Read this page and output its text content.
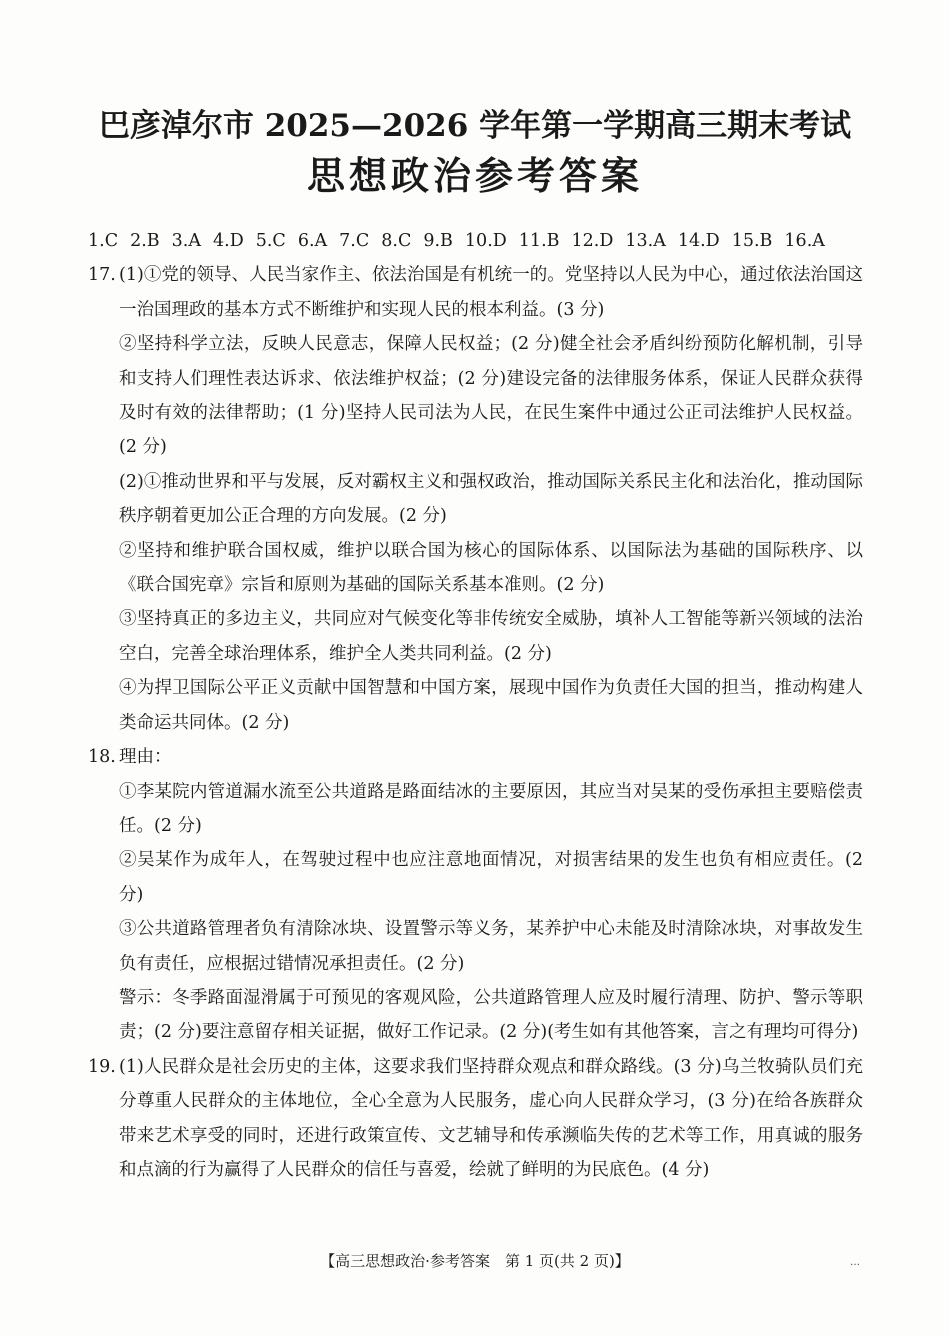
巴彦淖尔市 2025—2026 学年第一学期高三期末考试
思想政治参考答案
1.C 2.B 3.A 4.D 5.C 6.A 7.C 8.C 9.B 10.D 11.B 12.D 13.A 14.D 15.B 16.A
17. (1)①党的领导、人民当家作主、依法治国是有机统一的。党坚持以人民为中心，通过依法治国这一治国理政的基本方式不断维护和实现人民的根本利益。(3 分)

②坚持科学立法，反映人民意志，保障人民权益；(2 分)健全社会矛盾纠纷预防化解机制，引导和支持人们理性表达诉求、依法维护权益；(2 分)建设完备的法律服务体系，保证人民群众获得及时有效的法律帮助；(1 分)坚持人民司法为人民，在民生案件中通过公正司法维护人民权益。(2 分)

(2)①推动世界和平与发展，反对霸权主义和强权政治，推动国际关系民主化和法治化，推动国际秩序朝着更加公正合理的方向发展。(2 分)

②坚持和维护联合国权威，维护以联合国为核心的国际体系、以国际法为基础的国际秩序、以《联合国宪章》宗旨和原则为基础的国际关系基本准则。(2 分)

③坚持真正的多边主义，共同应对气候变化等非传统安全威胁，填补人工智能等新兴领域的法治空白，完善全球治理体系，维护全人类共同利益。(2 分)

④为捍卫国际公平正义贡献中国智慧和中国方案，展现中国作为负责任大国的担当，推动构建人类命运共同体。(2 分)

18. 理由：

①李某院内管道漏水流至公共道路是路面结冰的主要原因，其应当对吴某的受伤承担主要赔偿责任。(2 分)

②吴某作为成年人，在驾驶过程中也应注意地面情况，对损害结果的发生也负有相应责任。(2 分)

③公共道路管理者负有清除冰块、设置警示等义务，某养护中心未能及时清除冰块，对事故发生负有责任，应根据过错情况承担责任。(2 分)

警示：冬季路面湿滑属于可预见的客观风险，公共道路管理人应及时履行清理、防护、警示等职责；(2 分)要注意留存相关证据，做好工作记录。(2 分)(考生如有其他答案，言之有理均可得分)

19. (1)人民群众是社会历史的主体，这要求我们坚持群众观点和群众路线。(3 分)乌兰牧骑队员们充分尊重人民群众的主体地位，全心全意为人民服务，虚心向人民群众学习，(3 分)在给各族群众带来艺术享受的同时，还进行政策宣传、文艺辅导和传承濒临失传的艺术等工作，用真诚的服务和点滴的行为赢得了人民群众的信任与喜爱，绘就了鲜明的为民底色。(4 分)

【高三思想政治·参考答案　第 1 页(共 2 页)】	…
